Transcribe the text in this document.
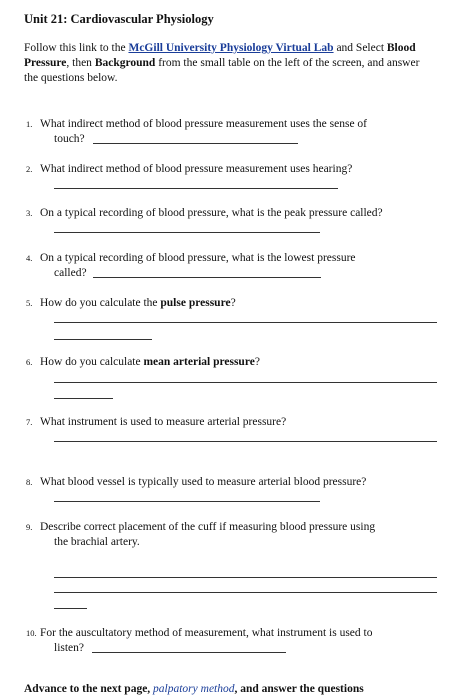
Unit 21: Cardiovascular Physiology
Follow this link to the McGill University Physiology Virtual Lab and Select Blood Pressure, then Background from the small table on the left of the screen, and answer the questions below.
1. What indirect method of blood pressure measurement uses the sense of
touch?
2. What indirect method of blood pressure measurement uses hearing?
3. On a typical recording of blood pressure, what is the peak pressure called?
4. On a typical recording of blood pressure, what is the lowest pressure
called?
5. How do you calculate the pulse pressure?
6. How do you calculate mean arterial pressure?
7. What instrument is used to measure arterial pressure?
8. What blood vessel is typically used to measure arterial blood pressure?
9. Describe correct placement of the cuff if measuring blood pressure using
the brachial artery.
10. For the auscultatory method of measurement, what instrument is used to
listen?
Advance to the next page, palpatory method, and answer the questions
